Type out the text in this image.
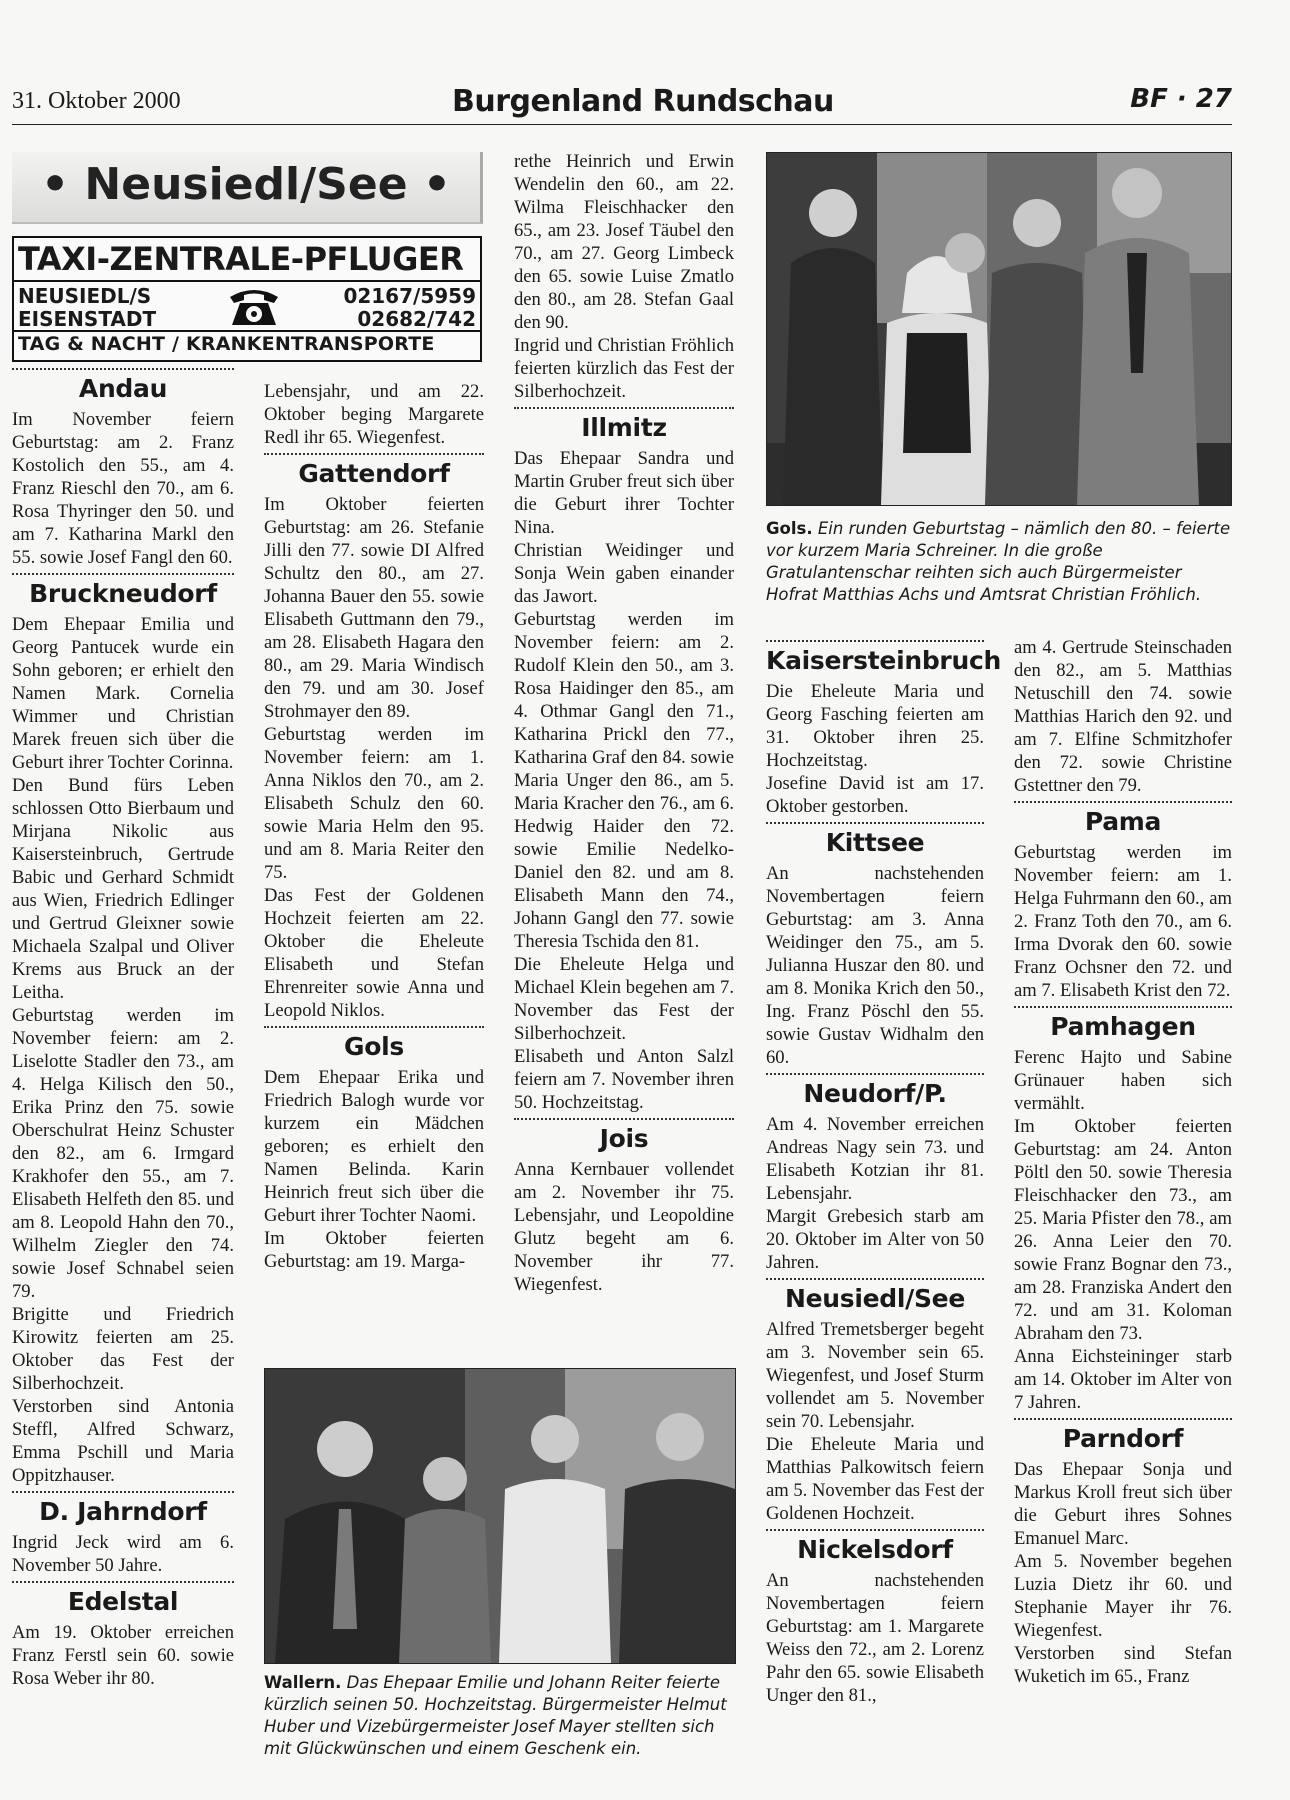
31. Oktober 2000	Burgenland Rundschau	BF · 27
• Neusiedl/See •
TAXI-ZENTRALE-PFLUGER
NEUSIEDL/S	02167/5959
EISENSTADT	02682/742
TAG & NACHT / KRANKENTRANSPORTE
Andau

Im November feiern Geburtstag: am 2. Franz Kostolich den 55., am 4. Franz Rieschl den 70., am 6. Rosa Thyringer den 50. und am 7. Katharina Markl den 55. sowie Josef Fangl den 60.

Bruckneudorf

Dem Ehepaar Emilia und Georg Pantucek wurde ein Sohn geboren; er erhielt den Namen Mark. Cornelia Wimmer und Christian Marek freuen sich über die Geburt ihrer Tochter Corinna.

Den Bund fürs Leben schlossen Otto Bierbaum und Mirjana Nikolic aus Kaisersteinbruch, Gertrude Babic und Gerhard Schmidt aus Wien, Friedrich Edlinger und Gertrud Gleixner sowie Michaela Szalpal und Oliver Krems aus Bruck an der Leitha.

Geburtstag werden im November feiern: am 2. Liselotte Stadler den 73., am 4. Helga Kilisch den 50., Erika Prinz den 75. sowie Oberschulrat Heinz Schuster den 82., am 6. Irmgard Krakhofer den 55., am 7. Elisabeth Helfeth den 85. und am 8. Leopold Hahn den 70., Wilhelm Ziegler den 74. sowie Josef Schnabel seien 79.

Brigitte und Friedrich Kirowitz feierten am 25. Oktober das Fest der Silberhochzeit.

Verstorben sind Antonia Steffl, Alfred Schwarz, Emma Pschill und Maria Oppitzhauser.

D. Jahrndorf

Ingrid Jeck wird am 6. November 50 Jahre.

Edelstal

Am 19. Oktober erreichen Franz Ferstl sein 60. sowie Rosa Weber ihr 80.

Lebensjahr, und am 22. Oktober beging Margarete Redl ihr 65. Wiegenfest.

Gattendorf

Im Oktober feierten Geburtstag: am 26. Stefanie Jilli den 77. sowie DI Alfred Schultz den 80., am 27. Johanna Bauer den 55. sowie Elisabeth Guttmann den 79., am 28. Elisabeth Hagara den 80., am 29. Maria Windisch den 79. und am 30. Josef Strohmayer den 89.

Geburtstag werden im November feiern: am 1. Anna Niklos den 70., am 2. Elisabeth Schulz den 60. sowie Maria Helm den 95. und am 8. Maria Reiter den 75.

Das Fest der Goldenen Hochzeit feierten am 22. Oktober die Eheleute Elisabeth und Stefan Ehrenreiter sowie Anna und Leopold Niklos.

Gols

Dem Ehepaar Erika und Friedrich Balogh wurde vor kurzem ein Mädchen geboren; es erhielt den Namen Belinda. Karin Heinrich freut sich über die Geburt ihrer Tochter Naomi.

Im Oktober feierten Geburtstag: am 19. Marga-

rethe Heinrich und Erwin Wendelin den 60., am 22. Wilma Fleischhacker den 65., am 23. Josef Täubel den 70., am 27. Georg Limbeck den 65. sowie Luise Zmatlo den 80., am 28. Stefan Gaal den 90.

Ingrid und Christian Fröhlich feierten kürzlich das Fest der Silberhochzeit.

Illmitz

Das Ehepaar Sandra und Martin Gruber freut sich über die Geburt ihrer Tochter Nina.

Christian Weidinger und Sonja Wein gaben einander das Jawort.

Geburtstag werden im November feiern: am 2. Rudolf Klein den 50., am 3. Rosa Haidinger den 85., am 4. Othmar Gangl den 71., Katharina Prickl den 77., Katharina Graf den 84. sowie Maria Unger den 86., am 5. Maria Kracher den 76., am 6. Hedwig Haider den 72. sowie Emilie Nedelko-Daniel den 82. und am 8. Elisabeth Mann den 74., Johann Gangl den 77. sowie Theresia Tschida den 81.

Die Eheleute Helga und Michael Klein begehen am 7. November das Fest der Silberhochzeit.

Elisabeth und Anton Salzl feiern am 7. November ihren 50. Hochzeitstag.

Jois

Anna Kernbauer vollendet am 2. November ihr 75. Lebensjahr, und Leopoldine Glutz begeht am 6. November ihr 77. Wiegenfest.

Gols. Ein runden Geburtstag – nämlich den 80. – feierte vor kurzem Maria Schreiner. In die große Gratulantenschar reihten sich auch Bürgermeister Hofrat Matthias Achs und Amtsrat Christian Fröhlich.
Kaisersteinbruch

Die Eheleute Maria und Georg Fasching feierten am 31. Oktober ihren 25. Hochzeitstag.

Josefine David ist am 17. Oktober gestorben.

Kittsee

An nachstehenden Novembertagen feiern Geburtstag: am 3. Anna Weidinger den 75., am 5. Julianna Huszar den 80. und am 8. Monika Krich den 50., Ing. Franz Pöschl den 55. sowie Gustav Widhalm den 60.

Neudorf/P.

Am 4. November erreichen Andreas Nagy sein 73. und Elisabeth Kotzian ihr 81. Lebensjahr.

Margit Grebesich starb am 20. Oktober im Alter von 50 Jahren.

Neusiedl/See

Alfred Tremetsberger begeht am 3. November sein 65. Wiegenfest, und Josef Sturm vollendet am 5. November sein 70. Lebensjahr.

Die Eheleute Maria und Matthias Palkowitsch feiern am 5. November das Fest der Goldenen Hochzeit.

Nickelsdorf

An nachstehenden Novembertagen feiern Geburtstag: am 1. Margarete Weiss den 72., am 2. Lorenz Pahr den 65. sowie Elisabeth Unger den 81.,

am 4. Gertrude Steinschaden den 82., am 5. Matthias Netuschill den 74. sowie Matthias Harich den 92. und am 7. Elfine Schmitzhofer den 72. sowie Christine Gstettner den 79.

Pama

Geburtstag werden im November feiern: am 1. Helga Fuhrmann den 60., am 2. Franz Toth den 70., am 6. Irma Dvorak den 60. sowie Franz Ochsner den 72. und am 7. Elisabeth Krist den 72.

Pamhagen

Ferenc Hajto und Sabine Grünauer haben sich vermählt.

Im Oktober feierten Geburtstag: am 24. Anton Pöltl den 50. sowie Theresia Fleischhacker den 73., am 25. Maria Pfister den 78., am 26. Anna Leier den 70. sowie Franz Bognar den 73., am 28. Franziska Andert den 72. und am 31. Koloman Abraham den 73.

Anna Eichsteininger starb am 14. Oktober im Alter von 7 Jahren.

Parndorf

Das Ehepaar Sonja und Markus Kroll freut sich über die Geburt ihres Sohnes Emanuel Marc.

Am 5. November begehen Luzia Dietz ihr 60. und Stephanie Mayer ihr 76. Wiegenfest.

Verstorben sind Stefan Wuketich im 65., Franz

Wallern. Das Ehepaar Emilie und Johann Reiter feierte kürzlich seinen 50. Hochzeitstag. Bürgermeister Helmut Huber und Vizebürgermeister Josef Mayer stellten sich mit Glückwünschen und einem Geschenk ein.
